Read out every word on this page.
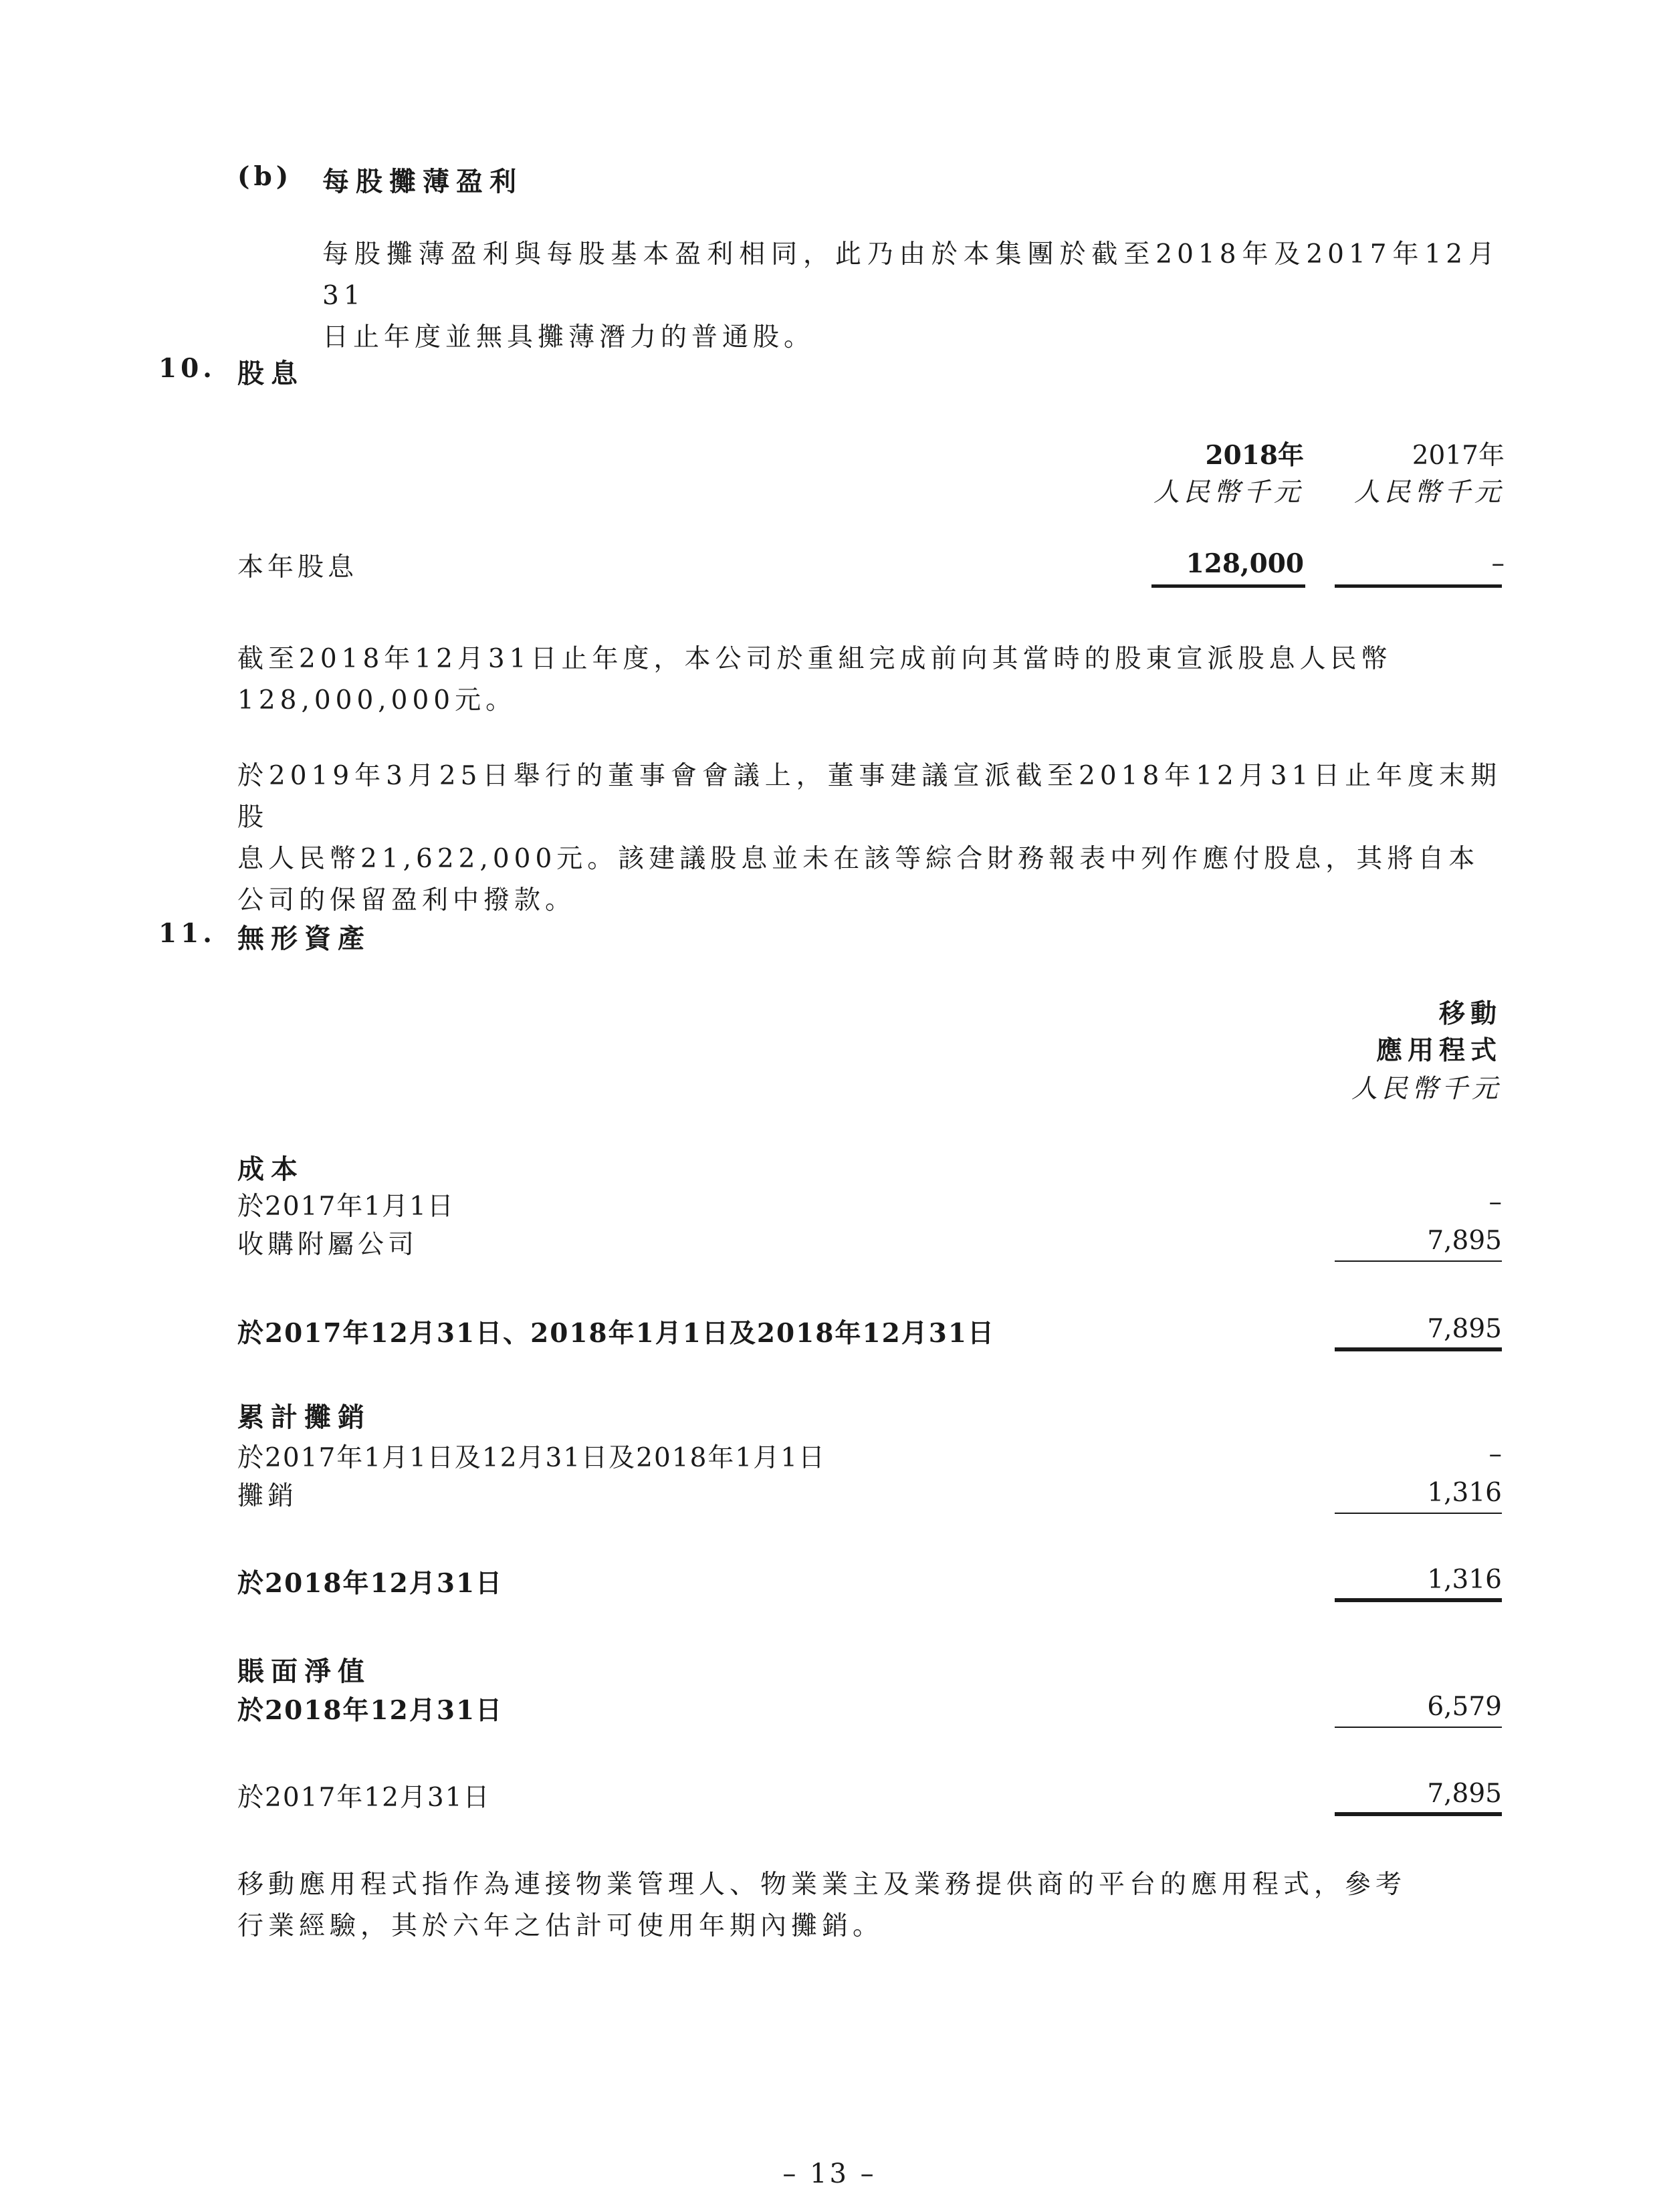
(b) 每股攤薄盈利
每股攤薄盈利與每股基本盈利相同，此乃由於本集團於截至2018年及2017年12月31
日止年度並無具攤薄潛力的普通股。
10. 股息
2018年
人民幣千元
2017年
人民幣千元
本年股息	128,000	–
截至2018年12月31日止年度，本公司於重組完成前向其當時的股東宣派股息人民幣
128,000,000元。
於2019年3月25日舉行的董事會會議上，董事建議宣派截至2018年12月31日止年度末期股
息人民幣21,622,000元。該建議股息並未在該等綜合財務報表中列作應付股息，其將自本
公司的保留盈利中撥款。
11. 無形資產
移動
應用程式
人民幣千元
成本
於2017年1月1日	–
收購附屬公司	7,895
於2017年12月31日、2018年1月1日及2018年12月31日	7,895
累計攤銷
於2017年1月1日及12月31日及2018年1月1日	–
攤銷	1,316
於2018年12月31日	1,316
賬面淨值
於2018年12月31日	6,579
於2017年12月31日	7,895
移動應用程式指作為連接物業管理人、物業業主及業務提供商的平台的應用程式，參考
行業經驗，其於六年之估計可使用年期內攤銷。
– 13 –
